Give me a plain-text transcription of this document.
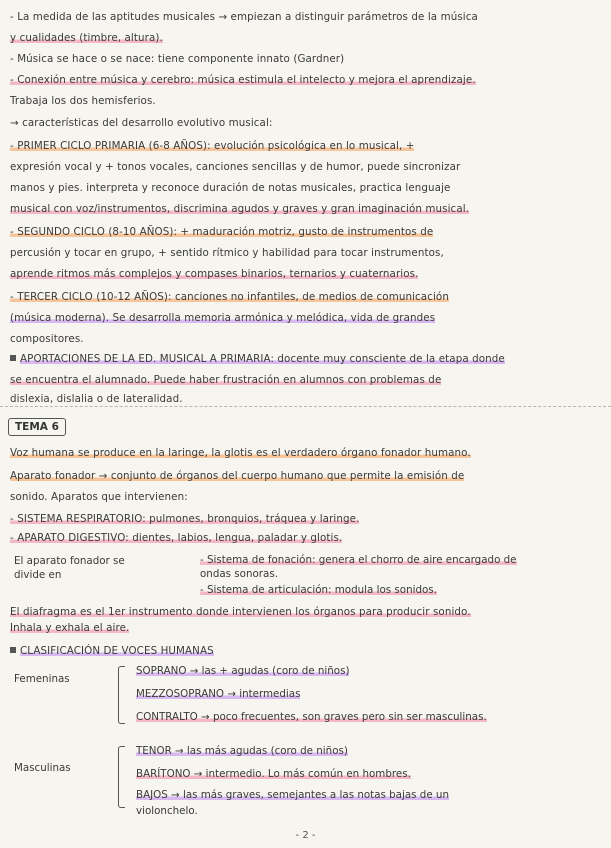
- La medida de las aptitudes musicales → empiezan a distinguir parámetros de la música
y cualidades (timbre, altura).
- Música se hace o se nace: tiene componente innato (Gardner)
- Conexión entre música y cerebro: música estimula el intelecto y mejora el aprendizaje.
Trabaja los dos hemisferios.
→ características del desarrollo evolutivo musical:
- PRIMER CICLO PRIMARIA (6-8 AÑOS): evolución psicológica en lo musical, +
expresión vocal y + tonos vocales, canciones sencillas y de humor, puede sincronizar
manos y pies. interpreta y reconoce duración de notas musicales, practica lenguaje
musical con voz/instrumentos, discrimina agudos y graves y gran imaginación musical.
- SEGUNDO CICLO (8-10 AÑOS): + maduración motriz, gusto de instrumentos de
percusión y tocar en grupo, + sentido rítmico y habilidad para tocar instrumentos,
aprende ritmos más complejos y compases binarios, ternarios y cuaternarios.
- TERCER CICLO (10-12 AÑOS): canciones no infantiles, de medios de comunicación
(música moderna). Se desarrolla memoria armónica y melódica, vida de grandes
compositores.
APORTACIONES DE LA ED. MUSICAL A PRIMARIA: docente muy consciente de la etapa donde
se encuentra el alumnado. Puede haber frustración en alumnos con problemas de
dislexia, dislalia o de lateralidad.
TEMA 6
Voz humana se produce en la laringe, la glotis es el verdadero órgano fonador humano.
Aparato fonador → conjunto de órganos del cuerpo humano que permite la emisión de
sonido. Aparatos que intervienen:
- SISTEMA RESPIRATORIO: pulmones, bronquios, tráquea y laringe.
- APARATO DIGESTIVO: dientes, labios, lengua, paladar y glotis.
El aparato fonador se
divide en
- Sistema de fonación: genera el chorro de aire encargado de
ondas sonoras.
- Sistema de articulación: modula los sonidos.
El diafragma es el 1er instrumento donde intervienen los órganos para producir sonido.
Inhala y exhala el aire.
CLASIFICACIÓN DE VOCES HUMANAS
Femeninas
SOPRANO → las + agudas (coro de niños)
MEZZOSOPRANO → intermedias
CONTRALTO → poco frecuentes, son graves pero sin ser masculinas.
Masculinas
TENOR → las más agudas (coro de niños)
BARÍTONO → intermedio. Lo más común en hombres.
BAJOS → las más graves, semejantes a las notas bajas de un
violonchelo.
- 2 -
